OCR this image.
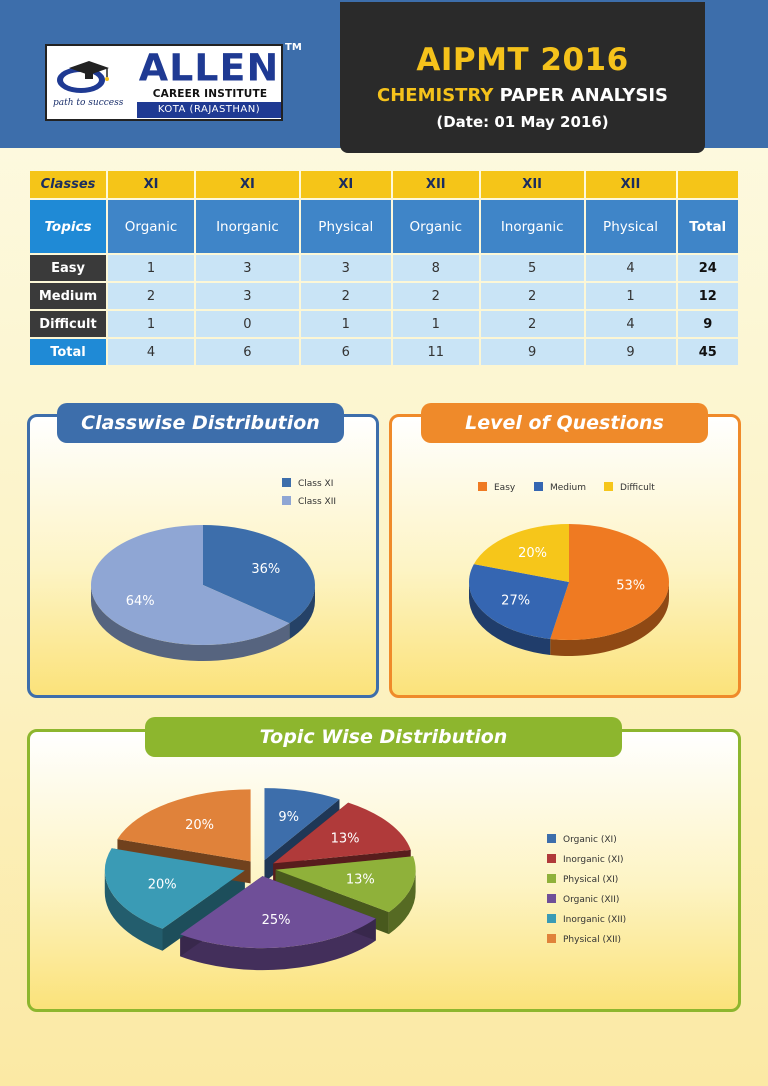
path to success
ALLEN
CAREER INSTITUTE
KOTA (RAJASTHAN)
TM	AIPMT 2016
CHEMISTRY PAPER ANALYSIS
(Date: 01 May 2016)
Classes	XI	XI	XI	XII	XII	XII	
Topics	Organic	Inorganic	Physical	Organic	Inorganic	Physical	Total
Easy	1	3	3	8	5	4	24
Medium	2	3	2	2	2	1	12
Difficult	1	0	1	1	2	4	9
Total	4	6	6	11	9	9	45
Classwise Distribution	Level of Questions
Topic Wise Distribution
36%
64%
Class XI
Class XII
53%
27%
20%
Easy	Medium	Difficult
9%
13%
13%
25%
20%
20%
Organic (XI)
Inorganic (XI)
Physical (XI)
Organic (XII)
Inorganic (XII)
Physical (XII)
